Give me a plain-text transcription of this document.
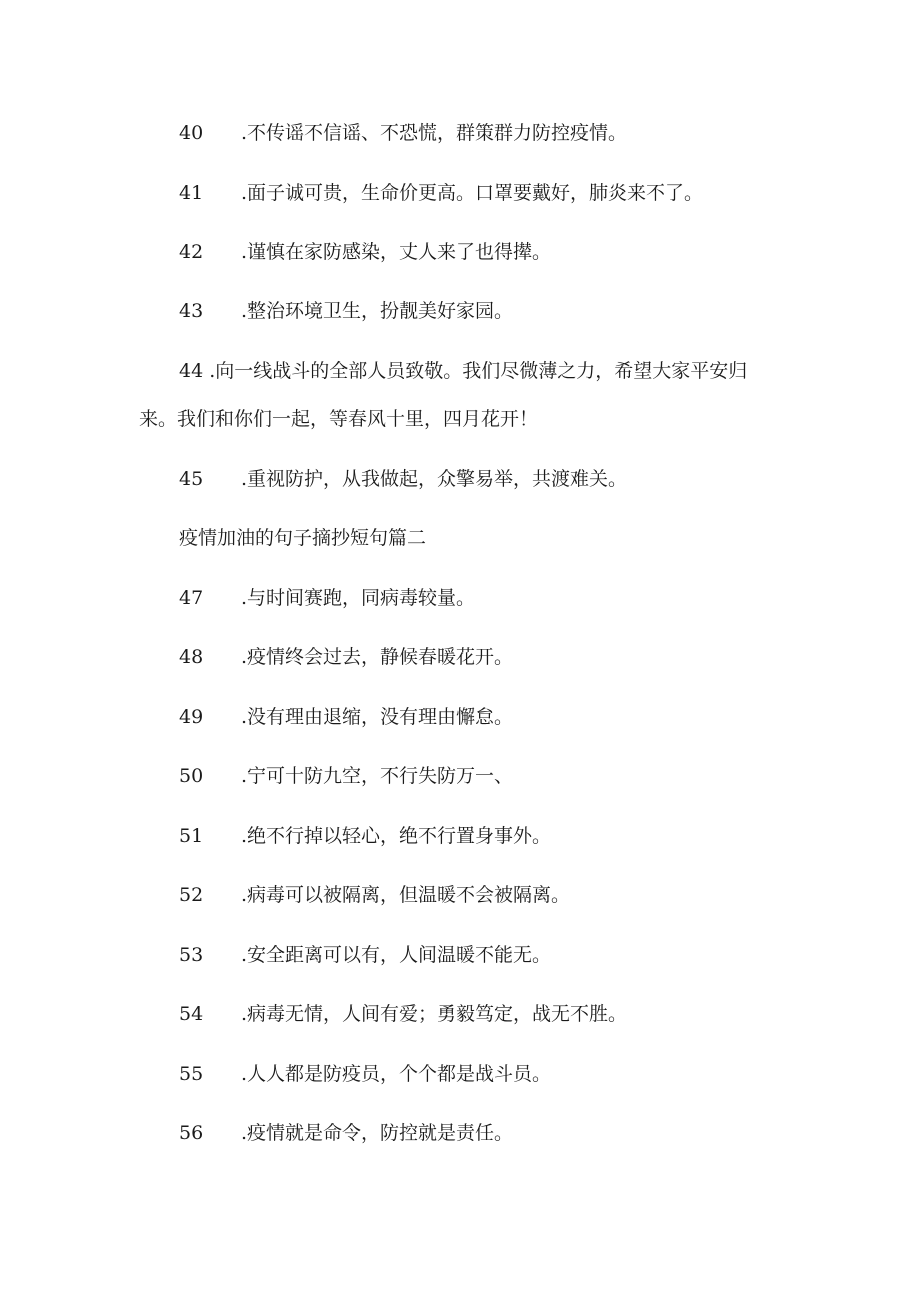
40	.不传谣不信谣、不恐慌，群策群力防控疫情。
41	.面子诚可贵，生命价更高。口罩要戴好，肺炎来不了。
42	.谨慎在家防感染，丈人来了也得撵。
43	.整治环境卫生，扮靓美好家园。
44 .向一线战斗的全部人员致敬。我们尽微薄之力，希望大家平安归
来。我们和你们一起，等春风十里，四月花开！
45	.重视防护，从我做起，众擎易举，共渡难关。
疫情加油的句子摘抄短句篇二
47	.与时间赛跑，同病毒较量。
48	.疫情终会过去，静候春暖花开。
49	.没有理由退缩，没有理由懈怠。
50	.宁可十防九空，不行失防万一、
51	.绝不行掉以轻心，绝不行置身事外。
52	.病毒可以被隔离，但温暖不会被隔离。
53	.安全距离可以有，人间温暖不能无。
54	.病毒无情，人间有爱；勇毅笃定，战无不胜。
55	.人人都是防疫员，个个都是战斗员。
56	.疫情就是命令，防控就是责任。
